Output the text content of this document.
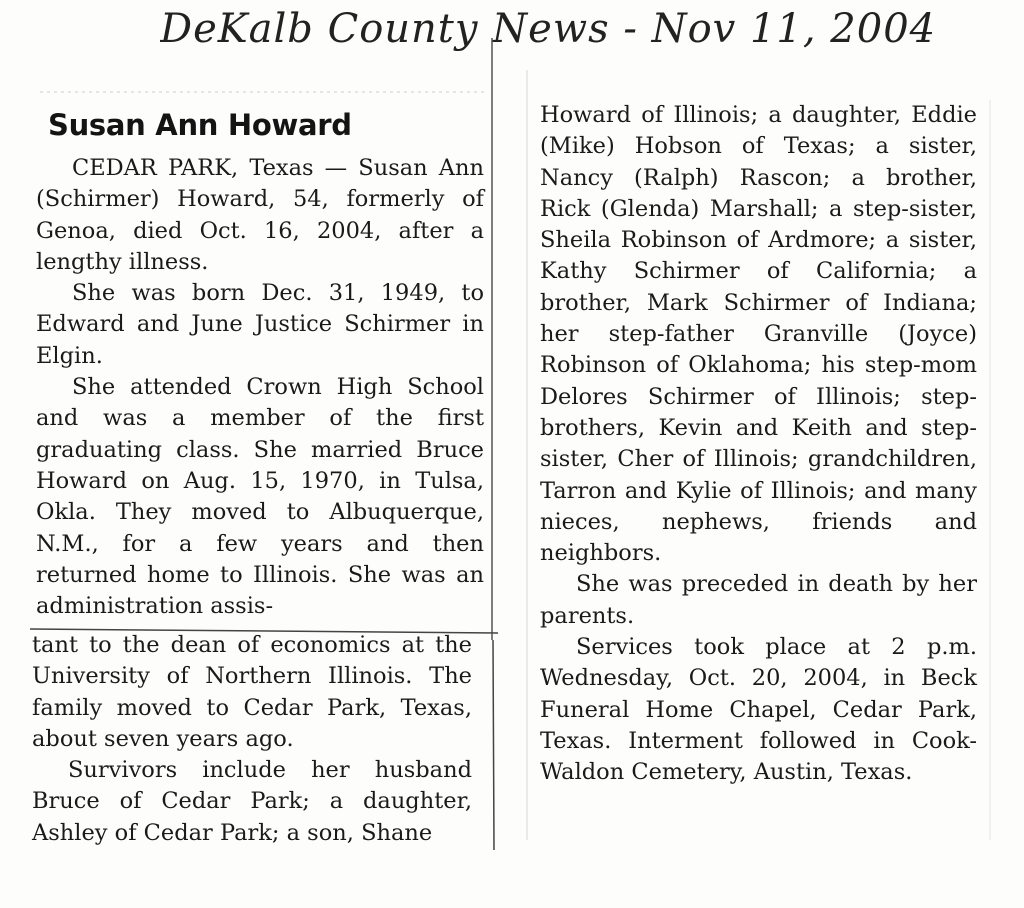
DeKalb County News - Nov 11, 2004
Susan Ann Howard

CEDAR PARK, Texas — Susan Ann (Schirmer) Howard, 54, formerly of Genoa, died Oct. 16, 2004, after a lengthy illness.

She was born Dec. 31, 1949, to Edward and June Justice Schirmer in Elgin.

She attended Crown High School and was a member of the first graduating class. She married Bruce Howard on Aug. 15, 1970, in Tulsa, Okla. They moved to Albuquerque, N.M., for a few years and then returned home to Illinois. She was an administration assis-

tant to the dean of economics at the University of Northern Illinois. The family moved to Cedar Park, Texas, about seven years ago.

Survivors include her husband Bruce of Cedar Park; a daughter, Ashley of Cedar Park; a son, Shane

Howard of Illinois; a daughter, Eddie (Mike) Hobson of Texas; a sister, Nancy (Ralph) Rascon; a brother, Rick (Glenda) Marshall; a step-sister, Sheila Robinson of Ardmore; a sister, Kathy Schirmer of California; a brother, Mark Schirmer of Indiana; her step-father Granville (Joyce) Robinson of Oklahoma; his step-mom Delores Schirmer of Illinois; step-brothers, Kevin and Keith and step-sister, Cher of Illinois; grandchildren, Tarron and Kylie of Illinois; and many nieces, nephews, friends and neighbors.

She was preceded in death by her parents.

Services took place at 2 p.m. Wednesday, Oct. 20, 2004, in Beck Funeral Home Chapel, Cedar Park, Texas. Interment followed in Cook-Waldon Cemetery, Austin, Texas.
